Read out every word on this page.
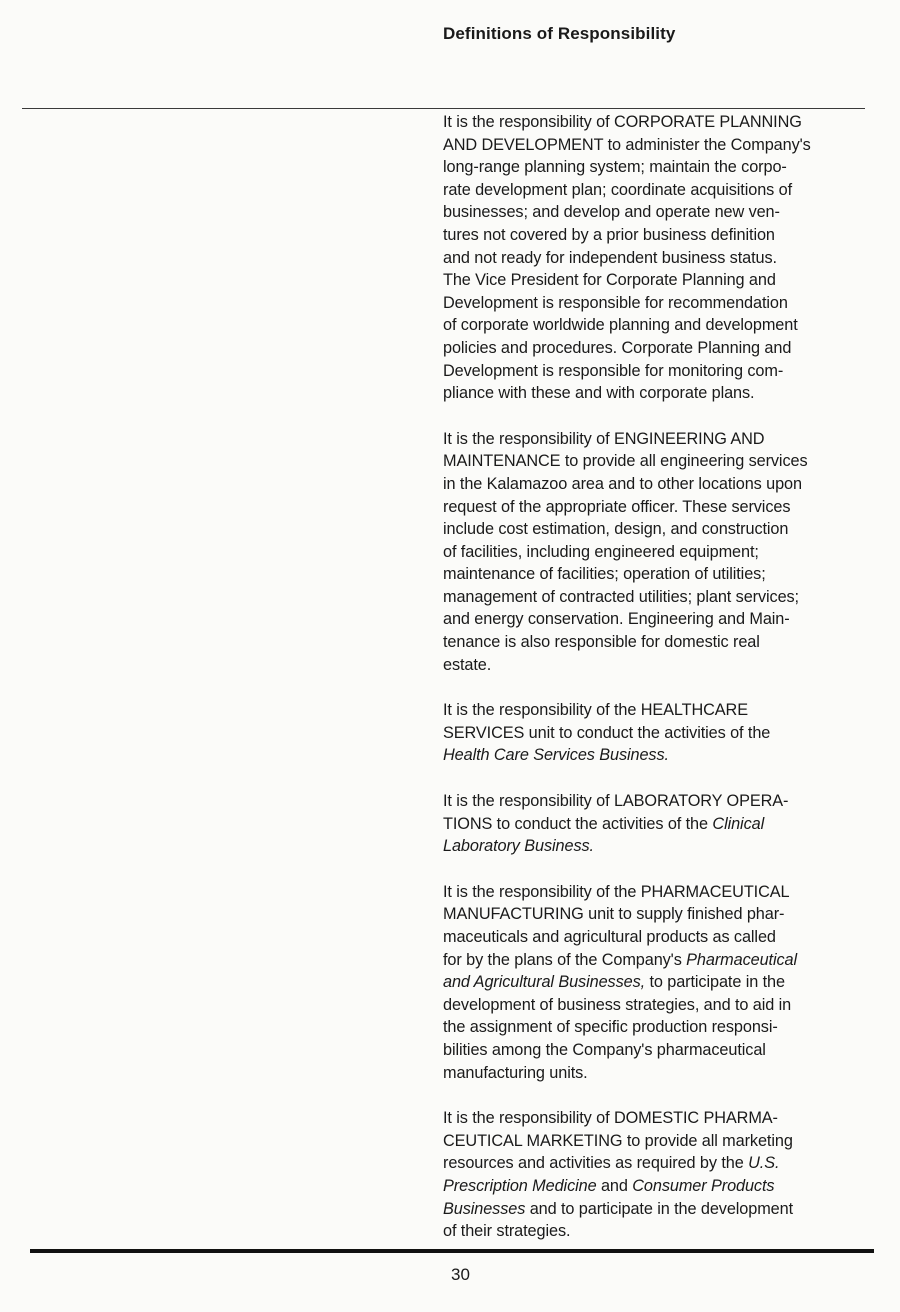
Definitions of Responsibility

It is the responsibility of CORPORATE PLANNING
AND DEVELOPMENT to administer the Company's
long-range planning system; maintain the corpo-
rate development plan; coordinate acquisitions of
businesses; and develop and operate new ven-
tures not covered by a prior business definition
and not ready for independent business status.
The Vice President for Corporate Planning and
Development is responsible for recommendation
of corporate worldwide planning and development
policies and procedures. Corporate Planning and
Development is responsible for monitoring com-
pliance with these and with corporate plans.

It is the responsibility of ENGINEERING AND
MAINTENANCE to provide all engineering services
in the Kalamazoo area and to other locations upon
request of the appropriate officer. These services
include cost estimation, design, and construction
of facilities, including engineered equipment;
maintenance of facilities; operation of utilities;
management of contracted utilities; plant services;
and energy conservation. Engineering and Main-
tenance is also responsible for domestic real
estate.

It is the responsibility of the HEALTHCARE
SERVICES unit to conduct the activities of the
Health Care Services Business.

It is the responsibility of LABORATORY OPERA-
TIONS to conduct the activities of the Clinical
Laboratory Business.

It is the responsibility of the PHARMACEUTICAL
MANUFACTURING unit to supply finished phar-
maceuticals and agricultural products as called
for by the plans of the Company's Pharmaceutical
and Agricultural Businesses, to participate in the
development of business strategies, and to aid in
the assignment of specific production responsi-
bilities among the Company's pharmaceutical
manufacturing units.

It is the responsibility of DOMESTIC PHARMA-
CEUTICAL MARKETING to provide all marketing
resources and activities as required by the U.S.
Prescription Medicine and Consumer Products
Businesses and to participate in the development
of their strategies.

30
